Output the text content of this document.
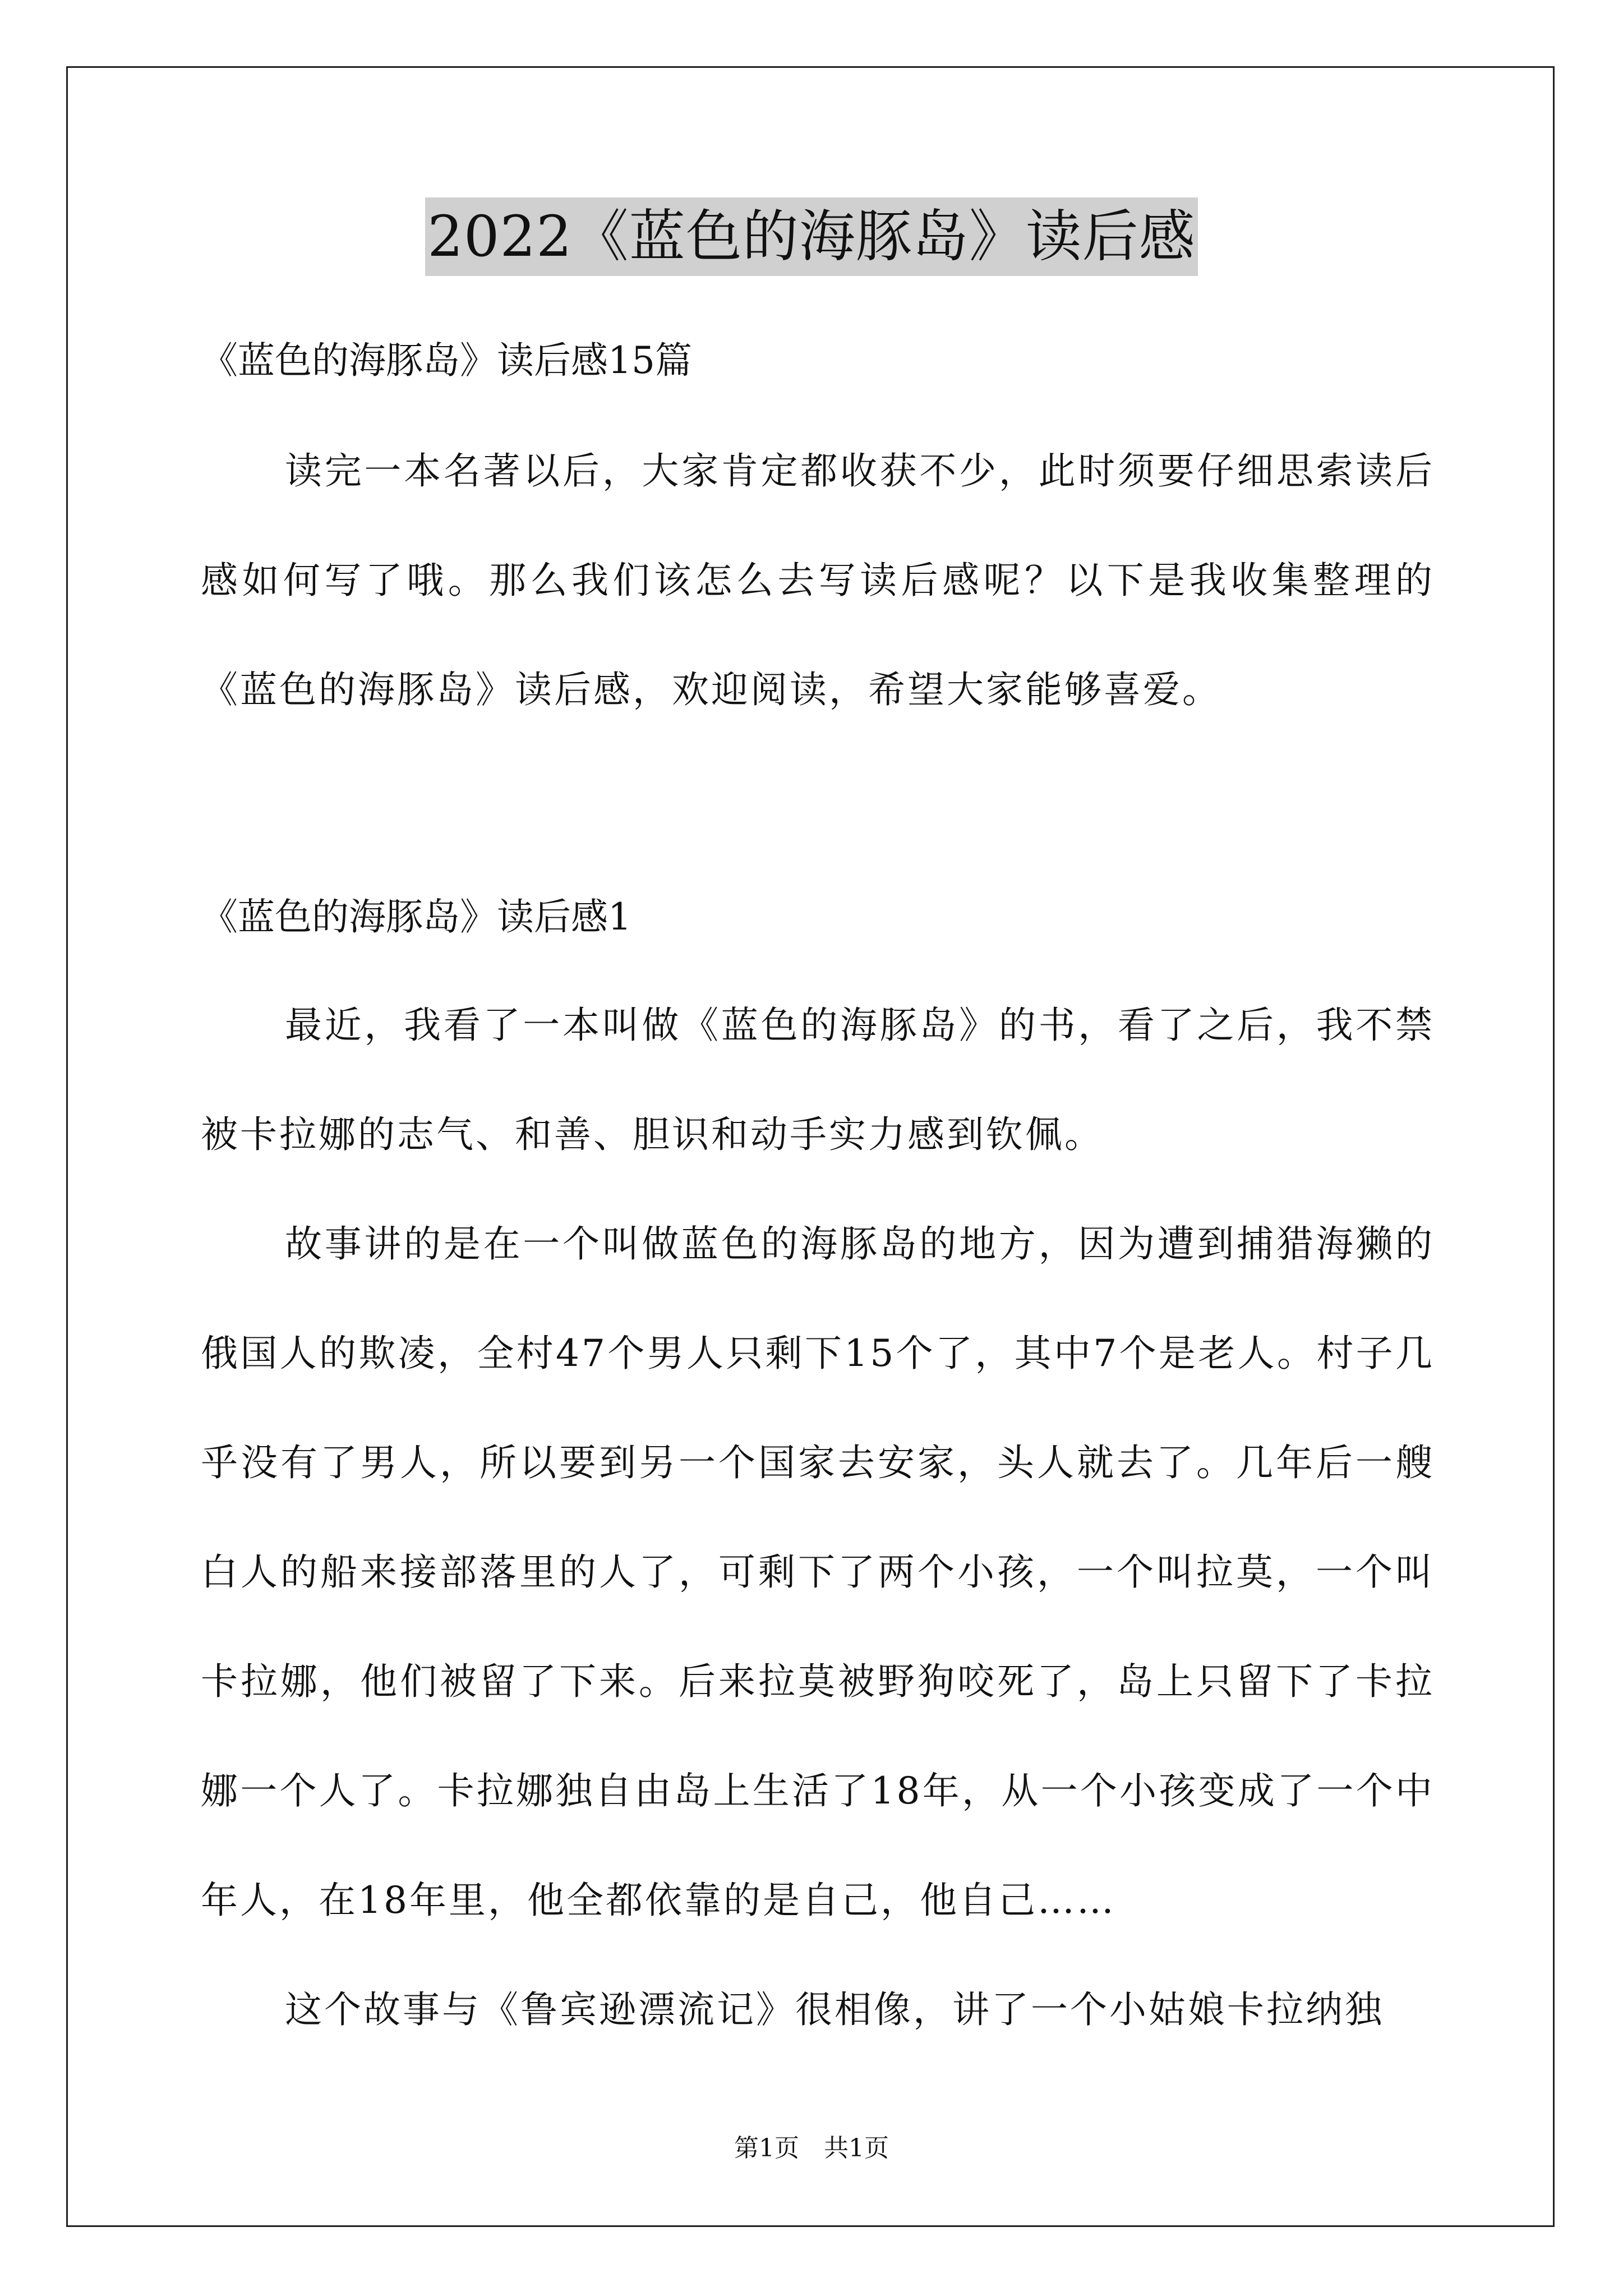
2022《蓝色的海豚岛》读后感
《蓝色的海豚岛》读后感15篇
读完一本名著以后，大家肯定都收获不少，此时须要仔细思索读后感如何写了哦。那么我们该怎么去写读后感呢？以下是我收集整理的《蓝色的海豚岛》读后感，欢迎阅读，希望大家能够喜爱。
《蓝色的海豚岛》读后感1
最近，我看了一本叫做《蓝色的海豚岛》的书，看了之后，我不禁被卡拉娜的志气、和善、胆识和动手实力感到钦佩。
故事讲的是在一个叫做蓝色的海豚岛的地方，因为遭到捕猎海獭的俄国人的欺凌，全村47个男人只剩下15个了，其中7个是老人。村子几乎没有了男人，所以要到另一个国家去安家，头人就去了。几年后一艘白人的船来接部落里的人了，可剩下了两个小孩，一个叫拉莫，一个叫卡拉娜，他们被留了下来。后来拉莫被野狗咬死了，岛上只留下了卡拉娜一个人了。卡拉娜独自由岛上生活了18年，从一个小孩变成了一个中年人，在18年里，他全都依靠的是自己，他自己……
这个故事与《鲁宾逊漂流记》很相像，讲了一个小姑娘卡拉纳独
第1页　共1页
